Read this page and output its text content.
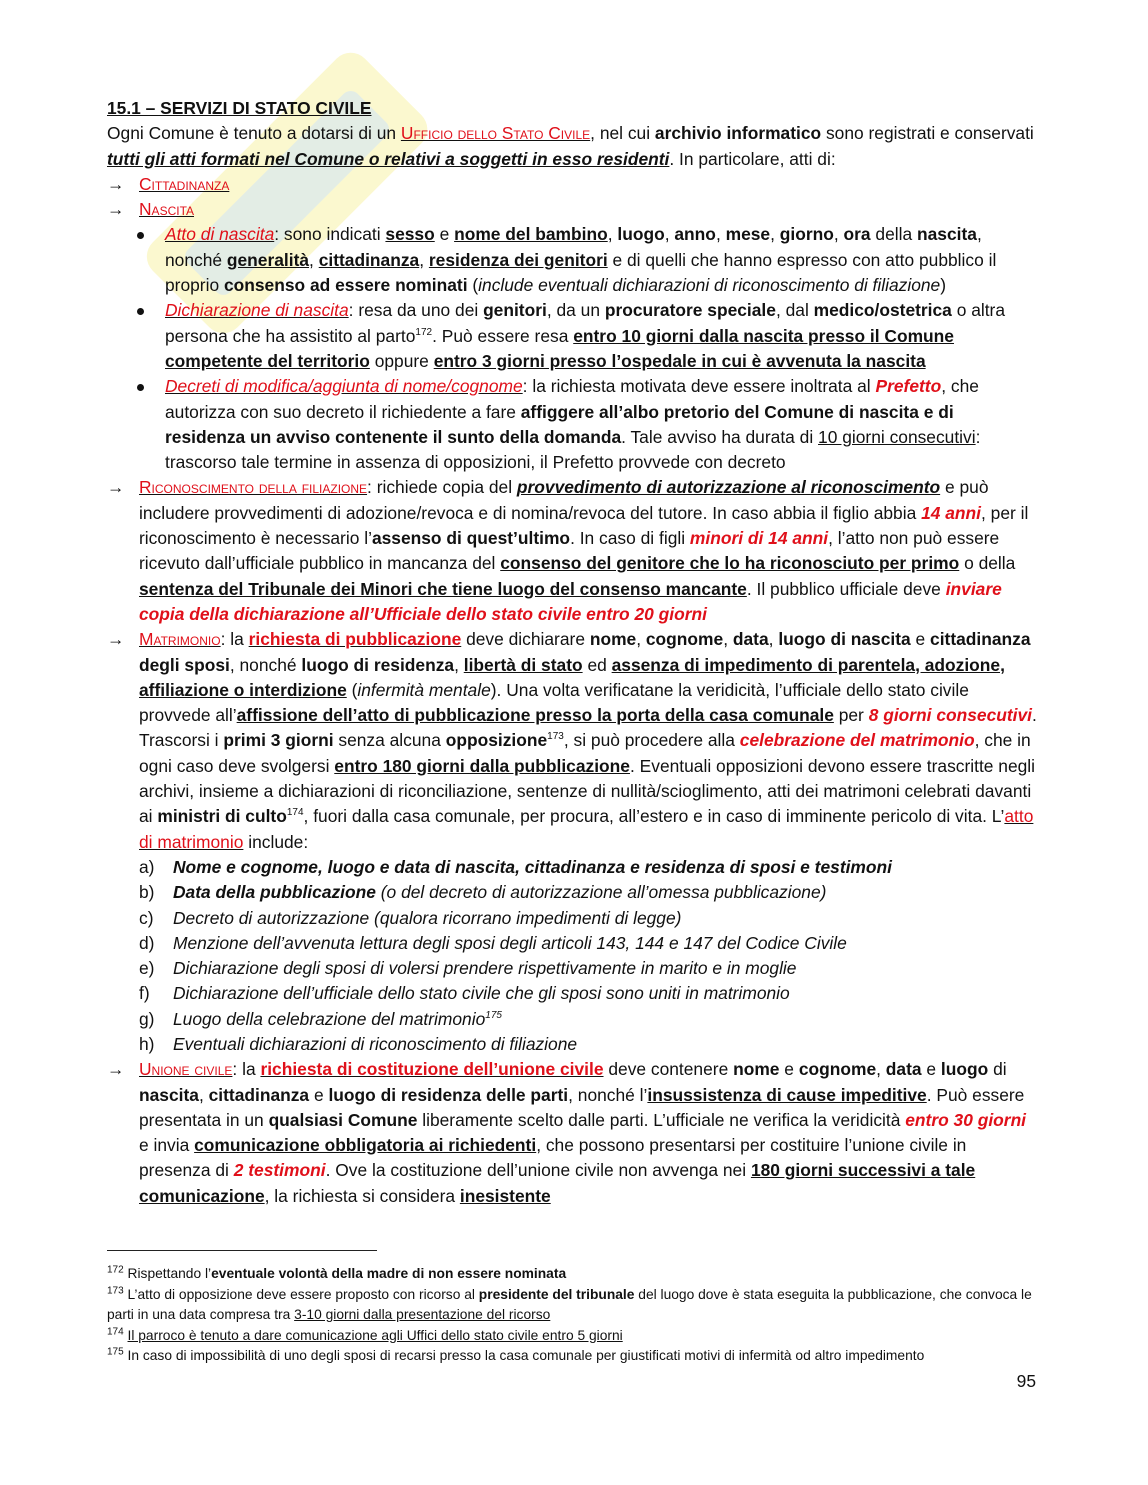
15.1 – SERVIZI DI STATO CIVILE

Ogni Comune è tenuto a dotarsi di un Ufficio dello Stato Civile, nel cui archivio informatico sono registrati e conservati tutti gli atti formati nel Comune o relativi a soggetti in esso residenti. In particolare, atti di:

→ Cittadinanza

→ Nascita

Atto di nascita: sono indicati sesso e nome del bambino, luogo, anno, mese, giorno, ora della nascita, nonché generalità, cittadinanza, residenza dei genitori e di quelli che hanno espresso con atto pubblico il proprio consenso ad essere nominati (include eventuali dichiarazioni di riconoscimento di filiazione)

Dichiarazione di nascita: resa da uno dei genitori, da un procuratore speciale, dal medico/ostetrica o altra persona che ha assistito al parto$^{172}$. Può essere resa entro 10 giorni dalla nascita presso il Comune competente del territorio oppure entro 3 giorni presso l’ospedale in cui è avvenuta la nascita

Decreti di modifica/aggiunta di nome/cognome: la richiesta motivata deve essere inoltrata al Prefetto, che autorizza con suo decreto il richiedente a fare affiggere all’albo pretorio del Comune di nascita e di residenza un avviso contenente il sunto della domanda. Tale avviso ha durata di 10 giorni consecutivi: trascorso tale termine in assenza di opposizioni, il Prefetto provvede con decreto

→ Riconoscimento della filiazione: richiede copia del provvedimento di autorizzazione al riconoscimento e può includere provvedimenti di adozione/revoca e di nomina/revoca del tutore. In caso abbia il figlio abbia 14 anni, per il riconoscimento è necessario l’assenso di quest’ultimo. In caso di figli minori di 14 anni, l’atto non può essere ricevuto dall’ufficiale pubblico in mancanza del consenso del genitore che lo ha riconosciuto per primo o della sentenza del Tribunale dei Minori che tiene luogo del consenso mancante. Il pubblico ufficiale deve inviare copia della dichiarazione all’Ufficiale dello stato civile entro 20 giorni

→ Matrimonio: la richiesta di pubblicazione deve dichiarare nome, cognome, data, luogo di nascita e cittadinanza degli sposi, nonché luogo di residenza, libertà di stato ed assenza di impedimento di parentela, adozione, affiliazione o interdizione (infermità mentale). Una volta verificatane la veridicità, l’ufficiale dello stato civile provvede all’affissione dell’atto di pubblicazione presso la porta della casa comunale per 8 giorni consecutivi. Trascorsi i primi 3 giorni senza alcuna opposizione$^{173}$, si può procedere alla celebrazione del matrimonio, che in ogni caso deve svolgersi entro 180 giorni dalla pubblicazione. Eventuali opposizioni devono essere trascritte negli archivi, insieme a dichiarazioni di riconciliazione, sentenze di nullità/scioglimento, atti dei matrimoni celebrati davanti ai ministri di culto$^{174}$, fuori dalla casa comunale, per procura, all’estero e in caso di imminente pericolo di vita. L’atto di matrimonio include:

a) Nome e cognome, luogo e data di nascita, cittadinanza e residenza di sposi e testimoni

b) Data della pubblicazione (o del decreto di autorizzazione all’omessa pubblicazione)

c) Decreto di autorizzazione (qualora ricorrano impedimenti di legge)

d) Menzione dell’avvenuta lettura degli sposi degli articoli 143, 144 e 147 del Codice Civile

e) Dichiarazione degli sposi di volersi prendere rispettivamente in marito e in moglie

f) Dichiarazione dell’ufficiale dello stato civile che gli sposi sono uniti in matrimonio

g) Luogo della celebrazione del matrimonio$^{175}$

h) Eventuali dichiarazioni di riconoscimento di filiazione

→ Unione civile: la richiesta di costituzione dell’unione civile deve contenere nome e cognome, data e luogo di nascita, cittadinanza e luogo di residenza delle parti, nonché l’insussistenza di cause impeditive. Può essere presentata in un qualsiasi Comune liberamente scelto dalle parti. L’ufficiale ne verifica la veridicità entro 30 giorni e invia comunicazione obbligatoria ai richiedenti, che possono presentarsi per costituire l’unione civile in presenza di 2 testimoni. Ove la costituzione dell’unione civile non avvenga nei 180 giorni successivi a tale comunicazione, la richiesta si considera inesistente

$^{172}$ Rispettando l’eventuale volontà della madre di non essere nominata

$^{173}$ L’atto di opposizione deve essere proposto con ricorso al presidente del tribunale del luogo dove è stata eseguita la pubblicazione, che convoca le parti in una data compresa tra 3-10 giorni dalla presentazione del ricorso

$^{174}$ Il parroco è tenuto a dare comunicazione agli Uffici dello stato civile entro 5 giorni

$^{175}$ In caso di impossibilità di uno degli sposi di recarsi presso la casa comunale per giustificati motivi di infermità od altro impedimento

95
